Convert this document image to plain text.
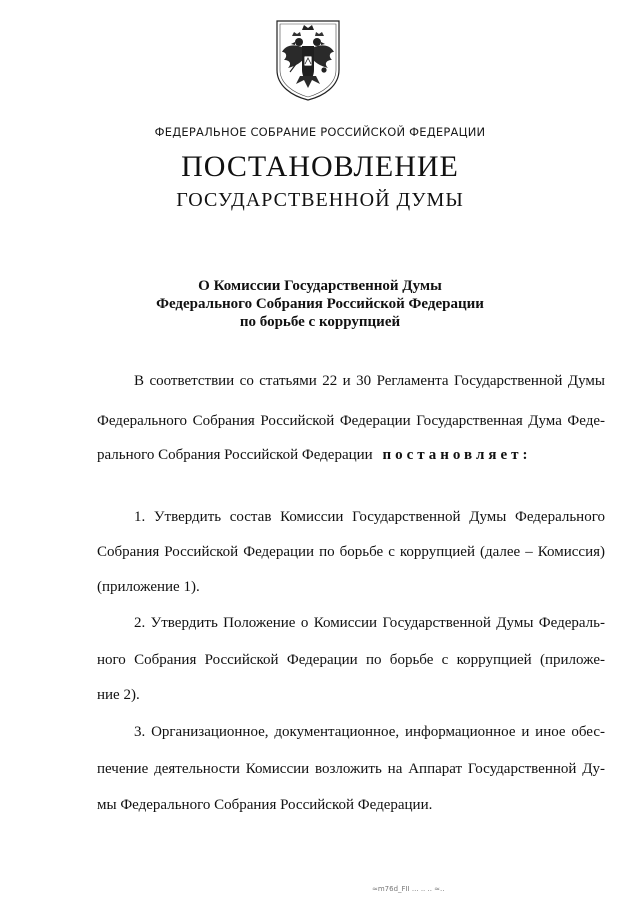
ФЕДЕРАЛЬНОЕ СОБРАНИЕ РОССИЙСКОЙ ФЕДЕРАЦИИ
ПОСТАНОВЛЕНИЕ
ГОСУДАРСТВЕННОЙ ДУМЫ
О Комиссии Государственной Думы
Федерального Собрания Российской Федерации
по борьбе с коррупцией
В соответствии со статьями 22 и 30 Регламента Государственной Думы
Федерального Собрания Российской Федерации Государственная Дума Феде-
рального Собрания Российской Федерации постановляет:
1. Утвердить состав Комиссии Государственной Думы Федерального
Собрания Российской Федерации по борьбе с коррупцией (далее – Комиссия)
(приложение 1).
2. Утвердить Положение о Комиссии Государственной Думы Федераль-
ного Собрания Российской Федерации по борьбе с коррупцией (приложе-
ние 2).
3. Организационное, документационное, информационное и иное обес-
печение деятельности Комиссии возложить на Аппарат Государственной Ду-
мы Федерального Собрания Российской Федерации.
≈m76d_FII ... .. .. ≈..
